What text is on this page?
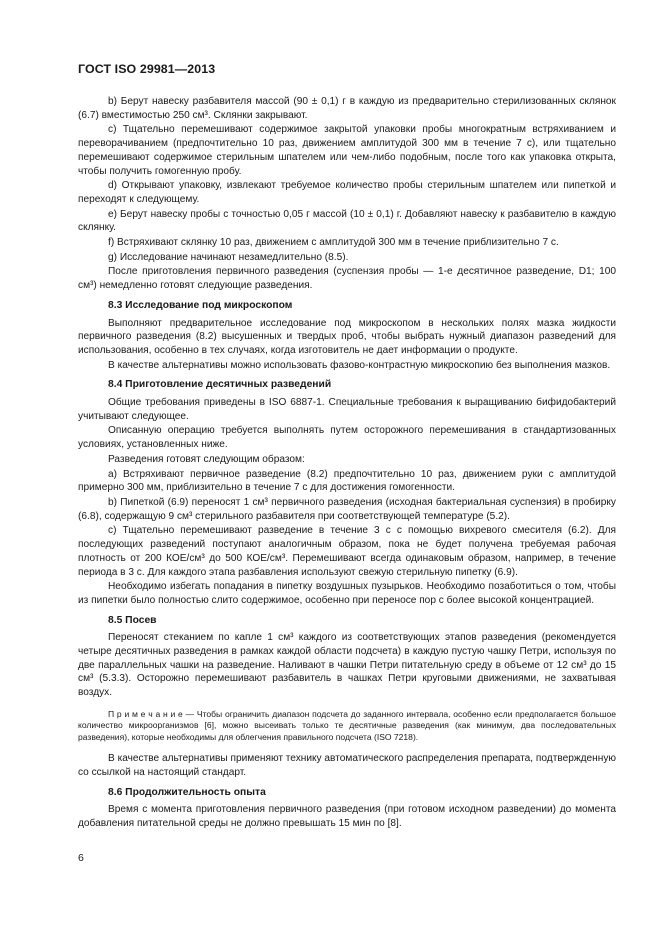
ГОСТ ISO 29981—2013
b) Берут навеску разбавителя массой (90 ± 0,1) г в каждую из предварительно стерилизованных склянок (6.7) вместимостью 250 см³. Склянки закрывают.
c) Тщательно перемешивают содержимое закрытой упаковки пробы многократным встряхиванием и переворачиванием (предпочтительно 10 раз, движением амплитудой 300 мм в течение 7 с), или тщательно перемешивают содержимое стерильным шпателем или чем-либо подобным, после того как упаковка открыта, чтобы получить гомогенную пробу.
d) Открывают упаковку, извлекают требуемое количество пробы стерильным шпателем или пипеткой и переходят к следующему.
e) Берут навеску пробы с точностью 0,05 г массой (10 ± 0,1) г. Добавляют навеску к разбавителю в каждую склянку.
f) Встряхивают склянку 10 раз, движением с амплитудой 300 мм в течение приблизительно 7 с.
g) Исследование начинают незамедлительно (8.5).
После приготовления первичного разведения (суспензия пробы — 1-е десятичное разведение, D1; 100 см³) немедленно готовят следующие разведения.
8.3 Исследование под микроскопом
Выполняют предварительное исследование под микроскопом в нескольких полях мазка жидкости первичного разведения (8.2) высушенных и твердых проб, чтобы выбрать нужный диапазон разведений для использования, особенно в тех случаях, когда изготовитель не дает информации о продукте.
В качестве альтернативы можно использовать фазово-контрастную микроскопию без выполнения мазков.
8.4 Приготовление десятичных разведений
Общие требования приведены в ISO 6887-1. Специальные требования к выращиванию бифидобактерий учитывают следующее.
Описанную операцию требуется выполнять путем осторожного перемешивания в стандартизованных условиях, установленных ниже.
Разведения готовят следующим образом:
a) Встряхивают первичное разведение (8.2) предпочтительно 10 раз, движением руки с амплитудой примерно 300 мм, приблизительно в течение 7 с для достижения гомогенности.
b) Пипеткой (6.9) переносят 1 см³ первичного разведения (исходная бактериальная суспензия) в пробирку (6.8), содержащую 9 см³ стерильного разбавителя при соответствующей температуре (5.2).
c) Тщательно перемешивают разведение в течение 3 с с помощью вихревого смесителя (6.2). Для последующих разведений поступают аналогичным образом, пока не будет получена требуемая рабочая плотность от 200 КОЕ/см³ до 500 КОЕ/см³. Перемешивают всегда одинаковым образом, например, в течение периода в 3 с. Для каждого этапа разбавления используют свежую стерильную пипетку (6.9).
Необходимо избегать попадания в пипетку воздушных пузырьков. Необходимо позаботиться о том, чтобы из пипетки было полностью слито содержимое, особенно при переносе пор с более высокой концентрацией.
8.5 Посев
Переносят стеканием по капле 1 см³ каждого из соответствующих этапов разведения (рекомендуется четыре десятичных разведения в рамках каждой области подсчета) в каждую пустую чашку Петри, используя по две параллельных чашки на разведение. Наливают в чашки Петри питательную среду в объеме от 12 см³ до 15 см³ (5.3.3). Осторожно перемешивают разбавитель в чашках Петри круговыми движениями, не захватывая воздух.
П р и м е ч а н и е — Чтобы ограничить диапазон подсчета до заданного интервала, особенно если предполагается большое количество микроорганизмов [6], можно высеивать только те десятичные разведения (как минимум, два последовательных разведения), которые необходимы для облегчения правильного подсчета (ISO 7218).
В качестве альтернативы применяют технику автоматического распределения препарата, подтвержденную со ссылкой на настоящий стандарт.
8.6 Продолжительность опыта
Время с момента приготовления первичного разведения (при готовом исходном разведении) до момента добавления питательной среды не должно превышать 15 мин по [8].
6
